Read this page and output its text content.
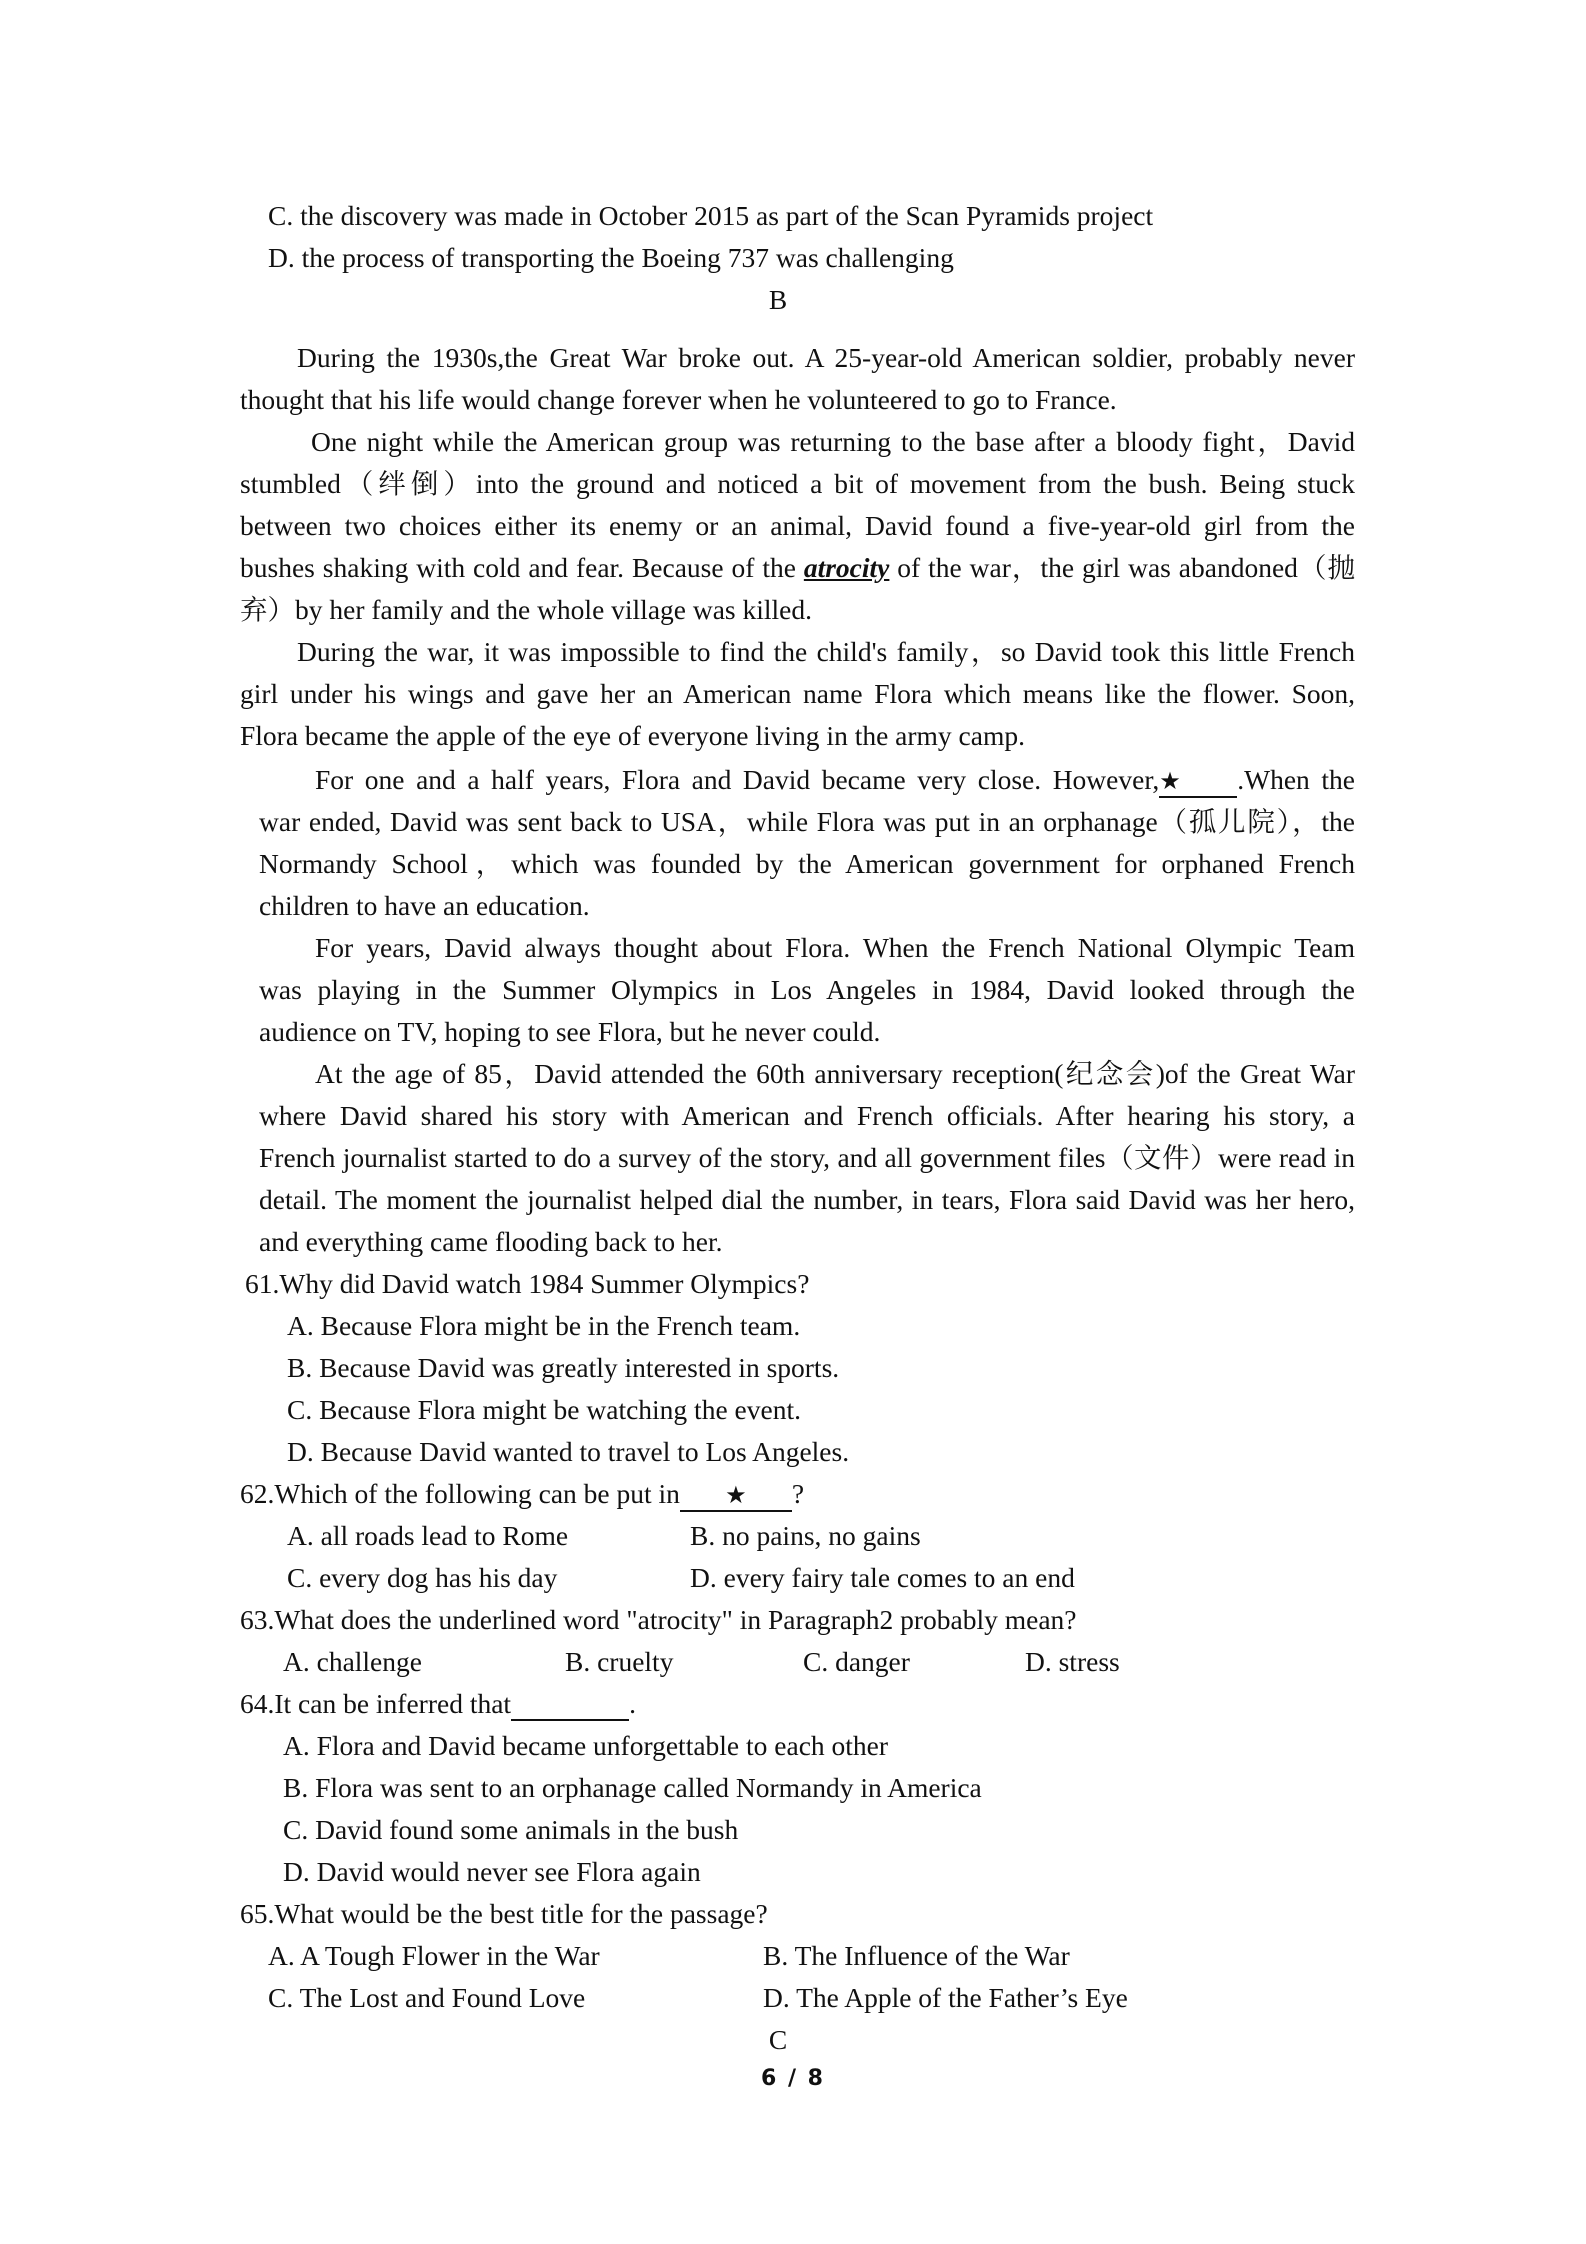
C. the discovery was made in October 2015 as part of the Scan Pyramids project
D. the process of transporting the Boeing 737 was challenging
B
During the 1930s,the Great War broke out. A 25-year-old American soldier, probably never
thought that his life would change forever when he volunteered to go to France.
One night while the American group was returning to the base after a bloody fight，David
stumbled（绊倒）into the ground and noticed a bit of movement from the bush. Being stuck
between two choices either its enemy or an animal, David found a five-year-old girl from the
bushes shaking with cold and fear. Because of the atrocity of the war，the girl was abandoned（抛
弃）by her family and the whole village was killed.
During the war, it was impossible to find the child's family，so David took this little French
girl under his wings and gave her an American name Flora which means like the flower. Soon,
Flora became the apple of the eye of everyone living in the army camp.
For one and a half years, Flora and David became very close. However,★ .When the
war ended, David was sent back to USA，while Flora was put in an orphanage（孤儿院），the
Normandy School，which was founded by the American government for orphaned French
children to have an education.
For years, David always thought about Flora. When the French National Olympic Team
was playing in the Summer Olympics in Los Angeles in 1984, David looked through the
audience on TV, hoping to see Flora, but he never could.
At the age of 85，David attended the 60th anniversary reception(纪念会)of the Great War
where David shared his story with American and French officials. After hearing his story, a
French journalist started to do a survey of the story, and all government files（文件）were read in
detail. The moment the journalist helped dial the number, in tears, Flora said David was her hero,
and everything came flooding back to her.
61.Why did David watch 1984 Summer Olympics?
A. Because Flora might be in the French team.
B. Because David was greatly interested in sports.
C. Because Flora might be watching the event.
D. Because David wanted to travel to Los Angeles.
62.Which of the following can be put in ★ ?
A. all roads lead to Rome	B. no pains, no gains
C. every dog has his day	D. every fairy tale comes to an end
63.What does the underlined word "atrocity" in Paragraph2 probably mean?
A. challenge	B. cruelty	C. danger	D. stress
64.It can be inferred that	.
A. Flora and David became unforgettable to each other
B. Flora was sent to an orphanage called Normandy in America
C. David found some animals in the bush
D. David would never see Flora again
65.What would be the best title for the passage?
A. A Tough Flower in the War	B. The Influence of the War
C. The Lost and Found Love	D. The Apple of the Father’s Eye
C
6 / 8
